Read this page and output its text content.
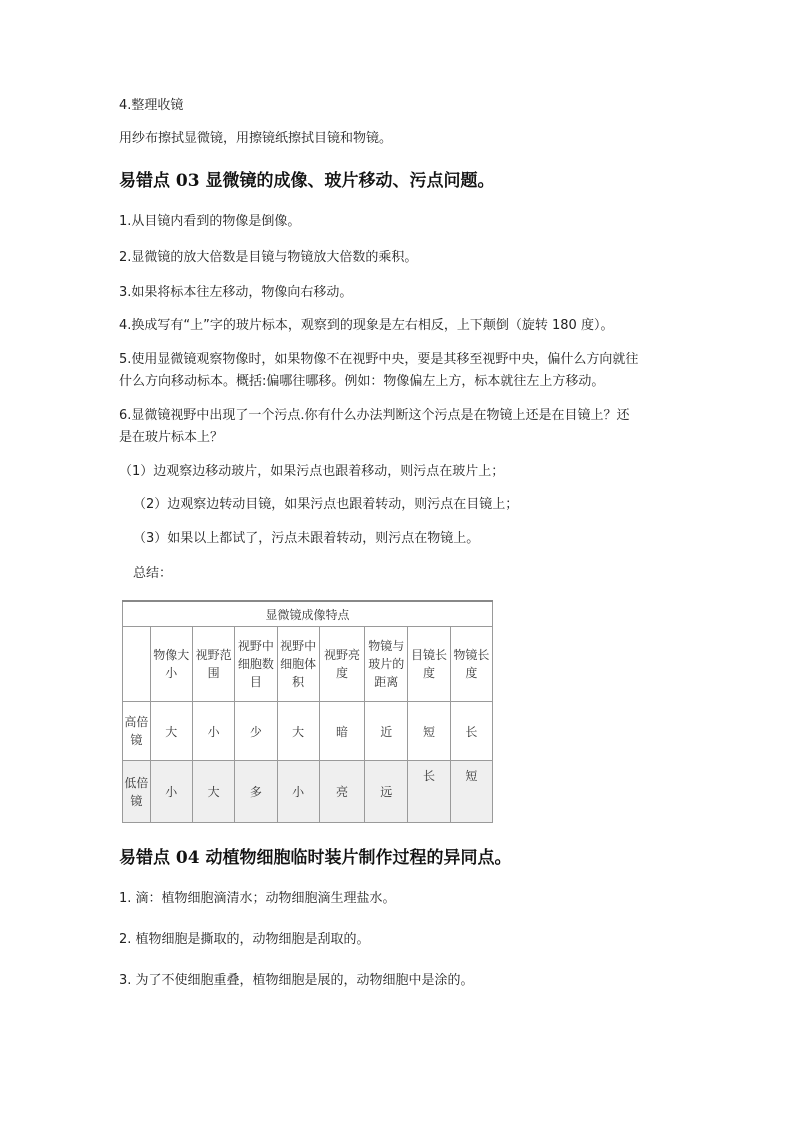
4.整理收镜
用纱布擦拭显微镜，用擦镜纸擦拭目镜和物镜。
易错点 03 显微镜的成像、玻片移动、污点问题。
1.从目镜内看到的物像是倒像。
2.显微镜的放大倍数是目镜与物镜放大倍数的乘积。
3.如果将标本往左移动，物像向右移动。
4.换成写有“上”字的玻片标本，观察到的现象是左右相反，上下颠倒（旋转 180 度）。
5.使用显微镜观察物像时，如果物像不在视野中央，要是其移至视野中央，偏什么方向就往
什么方向移动标本。概括:偏哪往哪移。例如：物像偏左上方，标本就往左上方移动。
6.显微镜视野中出现了一个污点.你有什么办法判断这个污点是在物镜上还是在目镜上？还
是在玻片标本上？
（1）边观察边移动玻片，如果污点也跟着移动，则污点在玻片上；
（2）边观察边转动目镜，如果污点也跟着转动，则污点在目镜上；
（3）如果以上都试了，污点未跟着转动，则污点在物镜上。
总结：
显微镜成像特点								
	物像大小	视野范围	视野中细胞数目	视野中细胞体积	视野亮度	物镜与玻片的距离	目镜长度	物镜长度
高倍镜	大	小	少	大	暗	近	短	长
低倍镜	小	大	多	小	亮	远	长	短
易错点 04 动植物细胞临时装片制作过程的异同点。
1. 滴：植物细胞滴清水；动物细胞滴生理盐水。
2. 植物细胞是撕取的，动物细胞是刮取的。
3. 为了不使细胞重叠，植物细胞是展的，动物细胞中是涂的。
